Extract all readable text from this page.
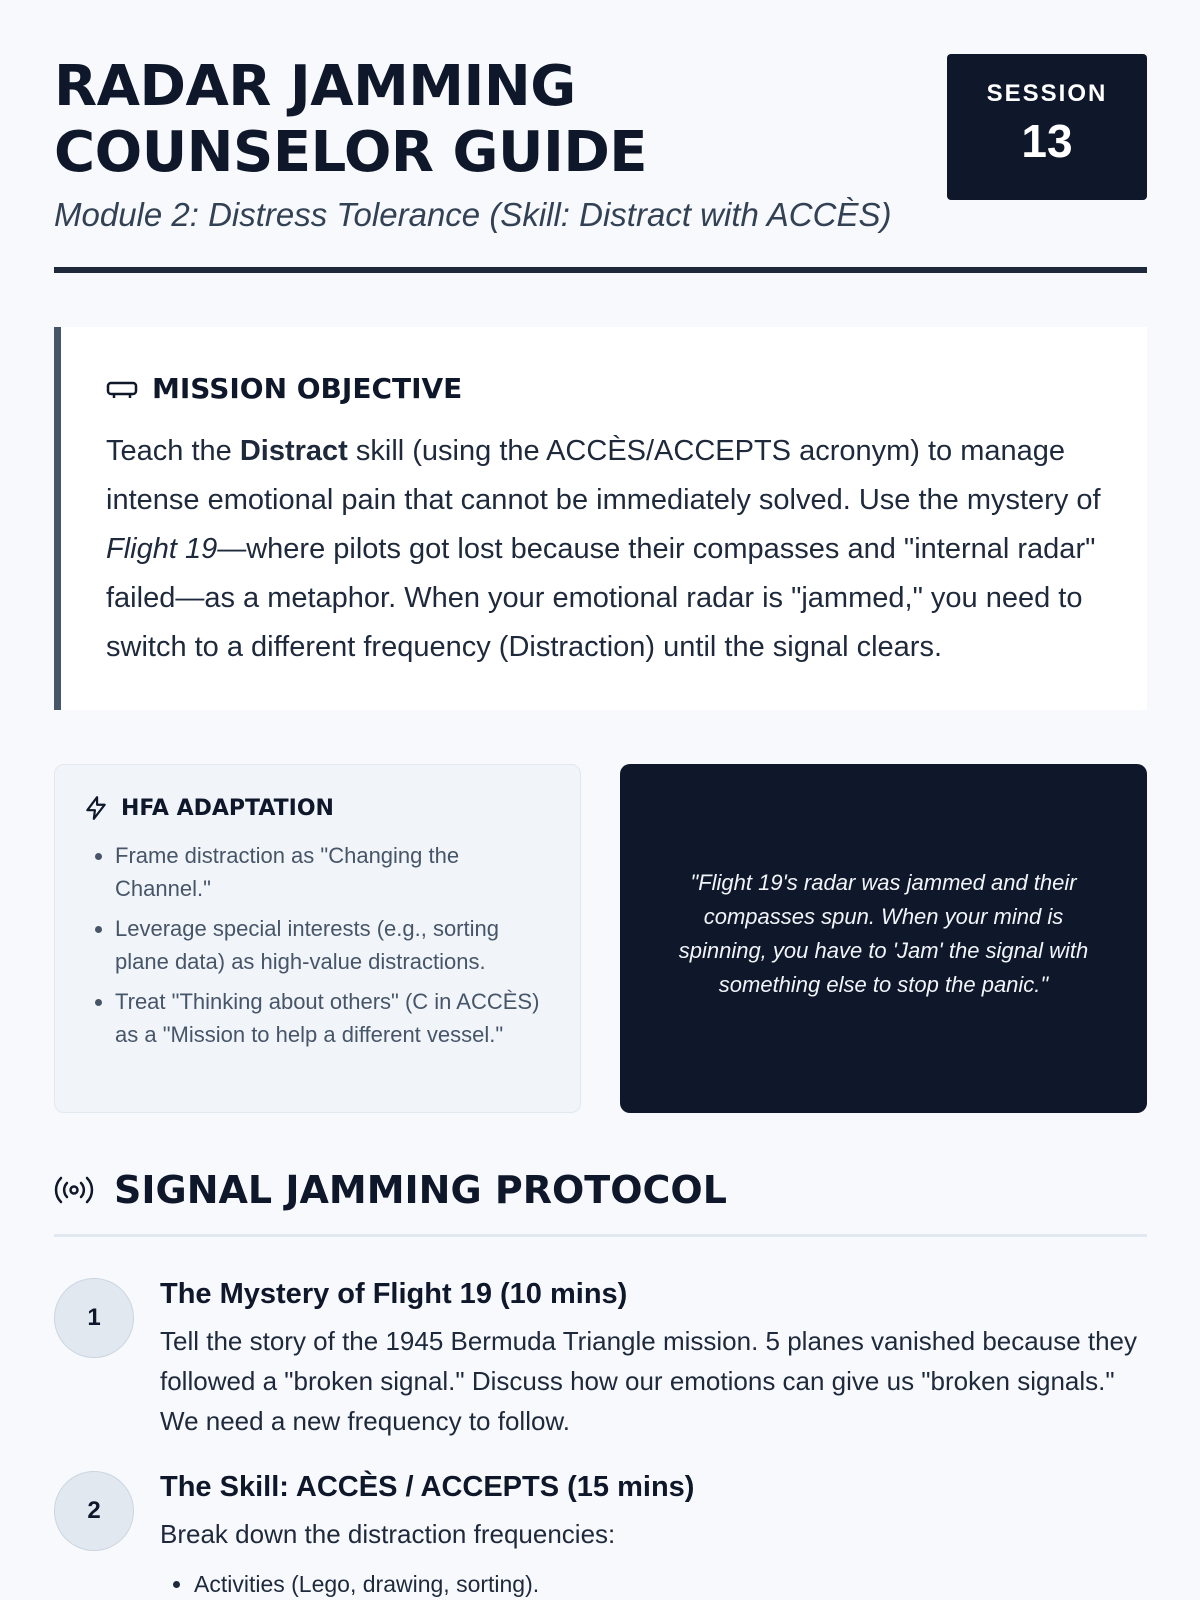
RADAR JAMMING COUNSELOR GUIDE
Module 2: Distress Tolerance (Skill: Distract with ACCÈS)
SESSION
13
MISSION OBJECTIVE

Teach the Distract skill (using the ACCÈS/ACCEPTS acronym) to manage intense emotional pain that cannot be immediately solved. Use the mystery of Flight 19—where pilots got lost because their compasses and "internal radar" failed—as a metaphor. When your emotional radar is "jammed," you need to switch to a different frequency (Distraction) until the signal clears.

HFA ADAPTATION
• Frame distraction as "Changing the Channel."
• Leverage special interests (e.g., sorting plane data) as high-value distractions.
• Treat "Thinking about others" (C in ACCÈS) as a "Mission to help a different vessel."

"Flight 19's radar was jammed and their compasses spun. When your mind is spinning, you have to 'Jam' the signal with something else to stop the panic."

SIGNAL JAMMING PROTOCOL
1
The Mystery of Flight 19 (10 mins)

Tell the story of the 1945 Bermuda Triangle mission. 5 planes vanished because they followed a "broken signal." Discuss how our emotions can give us "broken signals." We need a new frequency to follow.

2
The Skill: ACCÈS / ACCEPTS (15 mins)

Break down the distraction frequencies:

• Activities (Lego, drawing, sorting).
